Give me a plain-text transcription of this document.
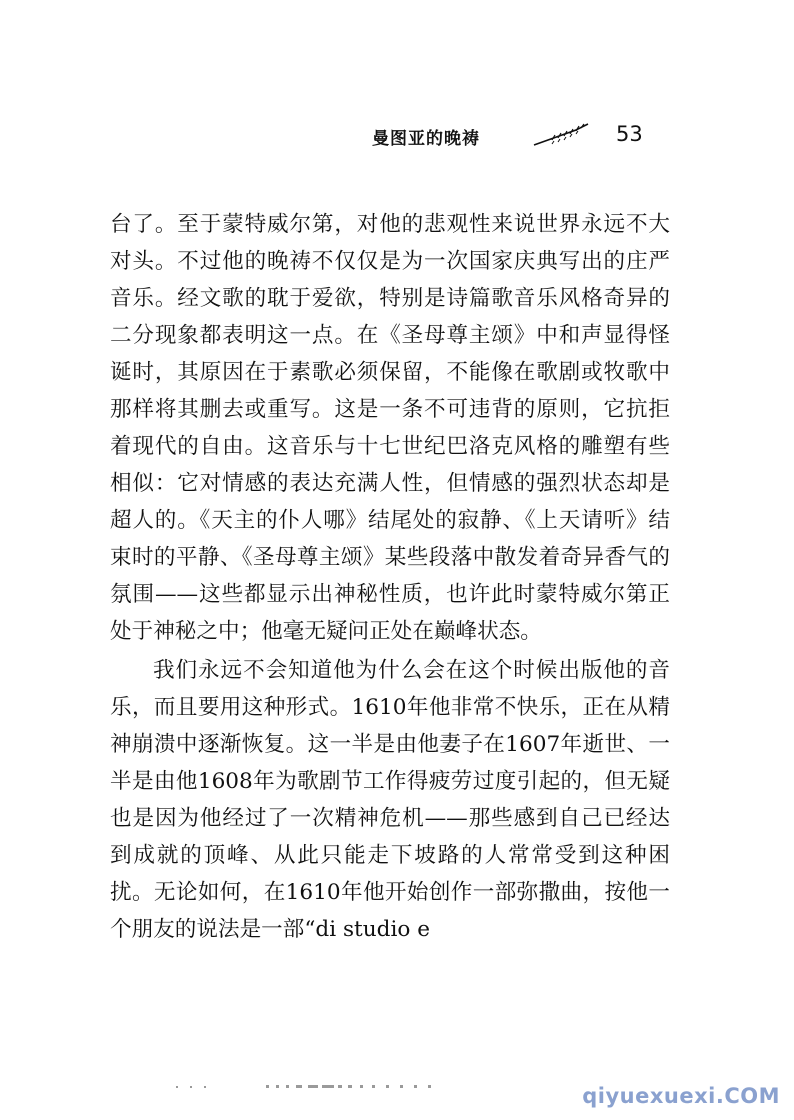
曼图亚的晚祷	53

台了。至于蒙特威尔第，对他的悲观性来说世界永远不大对头。不过他的晚祷不仅仅是为一次国家庆典写出的庄严音乐。经文歌的耽于爱欲，特别是诗篇歌音乐风格奇异的二分现象都表明这一点。在《圣母尊主颂》中和声显得怪诞时，其原因在于素歌必须保留，不能像在歌剧或牧歌中那样将其删去或重写。这是一条不可违背的原则，它抗拒着现代的自由。这音乐与十七世纪巴洛克风格的雕塑有些相似：它对情感的表达充满人性，但情感的强烈状态却是超人的。《天主的仆人哪》结尾处的寂静、《上天请听》结束时的平静、《圣母尊主颂》某些段落中散发着奇异香气的氛围——这些都显示出神秘性质，也许此时蒙特威尔第正处于神秘之中；他毫无疑问正处在巅峰状态。

我们永远不会知道他为什么会在这个时候出版他的音乐，而且要用这种形式。1610年他非常不快乐，正在从精神崩溃中逐渐恢复。这一半是由他妻子在1607年逝世、一半是由他1608年为歌剧节工作得疲劳过度引起的，但无疑也是因为他经过了一次精神危机——那些感到自己已经达到成就的顶峰、从此只能走下坡路的人常常受到这种困扰。无论如何，在1610年他开始创作一部弥撒曲，按他一个朋友的说法是一部“di studio e

qiyuexuexi.COM
